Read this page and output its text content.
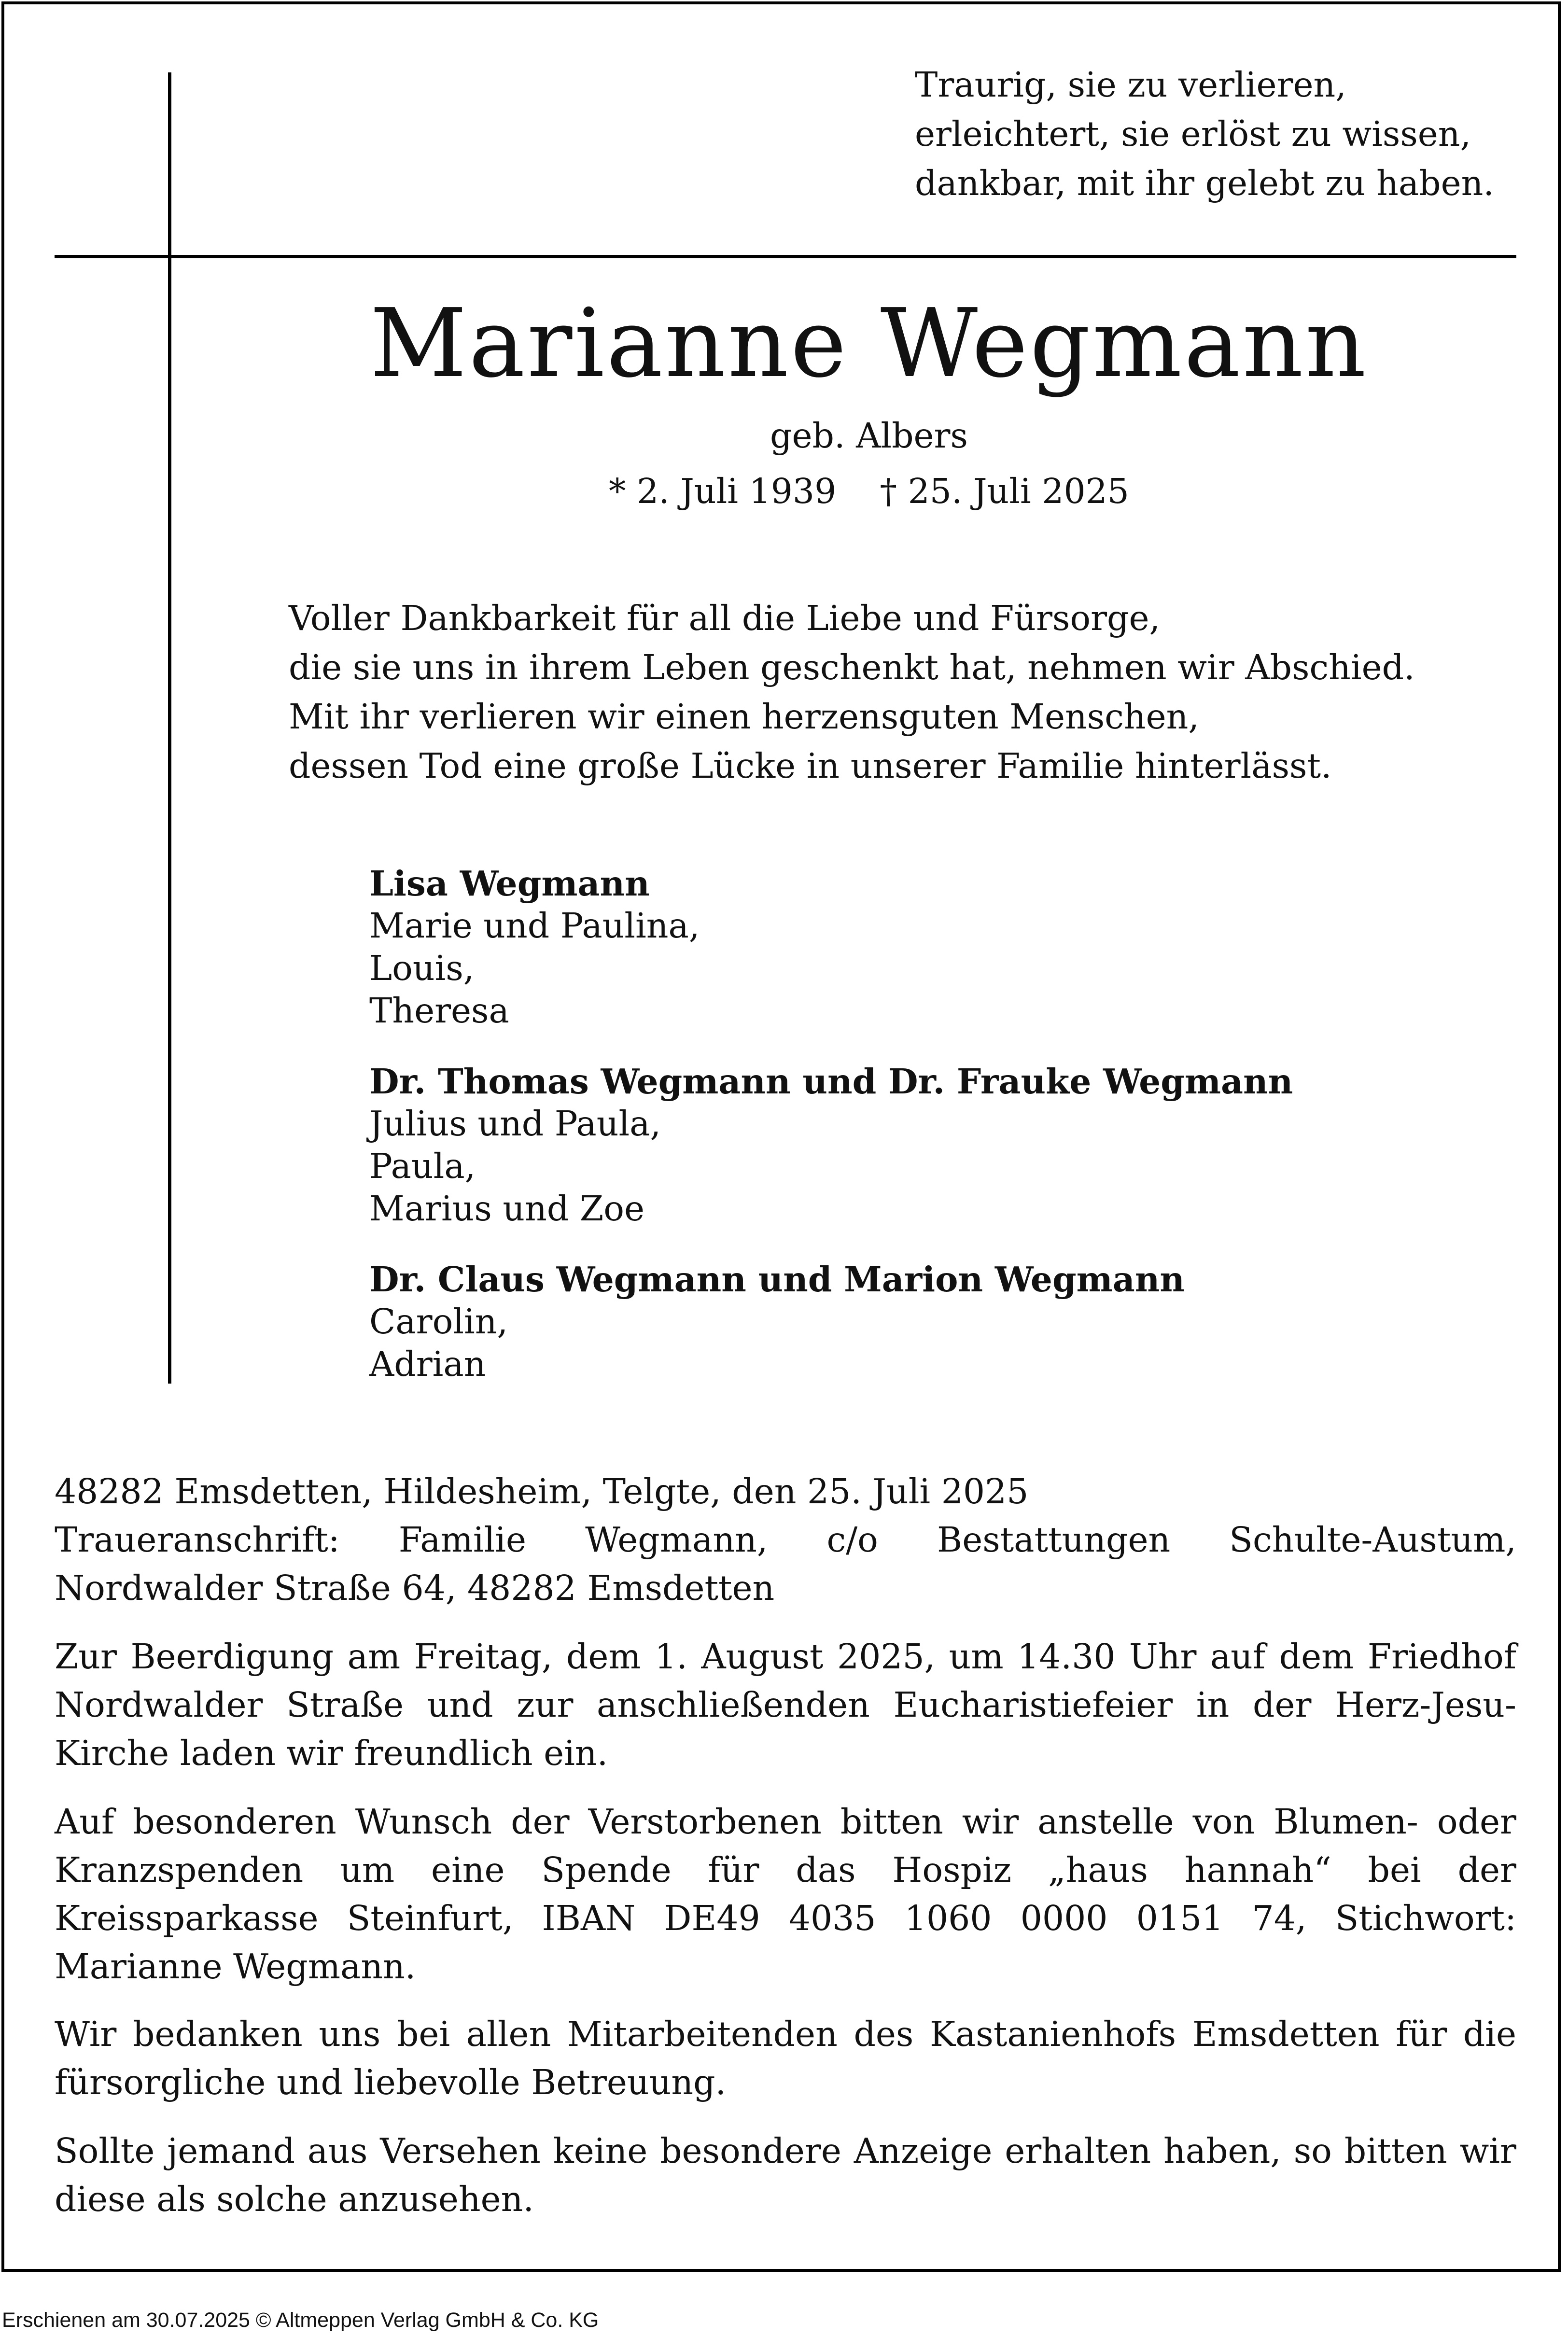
Traurig, sie zu verlieren,
erleichtert, sie erlöst zu wissen,
dankbar, mit ihr gelebt zu haben.
Marianne Wegmann
geb. Albers
* 2. Juli 1939 † 25. Juli 2025
Voller Dankbarkeit für all die Liebe und Fürsorge,
die sie uns in ihrem Leben geschenkt hat, nehmen wir Abschied.
Mit ihr verlieren wir einen herzensguten Menschen,
dessen Tod eine große Lücke in unserer Familie hinterlässt.
Lisa Wegmann
Marie und Paulina,
Louis,
Theresa
Dr. Thomas Wegmann und Dr. Frauke Wegmann
Julius und Paula,
Paula,
Marius und Zoe
Dr. Claus Wegmann und Marion Wegmann
Carolin,
Adrian
48282 Emsdetten, Hildesheim, Telgte, den 25. Juli 2025
Traueranschrift: Familie Wegmann, c/o Bestattungen Schulte-Austum,
Nordwalder Straße 64, 48282 Emsdetten
Zur Beerdigung am Freitag, dem 1. August 2025, um 14.30 Uhr auf dem Friedhof
Nordwalder Straße und zur anschließenden Eucharistiefeier in der Herz-Jesu-
Kirche laden wir freundlich ein.
Auf besonderen Wunsch der Verstorbenen bitten wir anstelle von Blumen- oder
Kranzspenden um eine Spende für das Hospiz „haus hannah“ bei der
Kreissparkasse Steinfurt, IBAN DE49 4035 1060 0000 0151 74, Stichwort:
Marianne Wegmann.
Wir bedanken uns bei allen Mitarbeitenden des Kastanienhofs Emsdetten für die
fürsorgliche und liebevolle Betreuung.
Sollte jemand aus Versehen keine besondere Anzeige erhalten haben, so bitten wir
diese als solche anzusehen.
Erschienen am 30.07.2025 © Altmeppen Verlag GmbH & Co. KG
